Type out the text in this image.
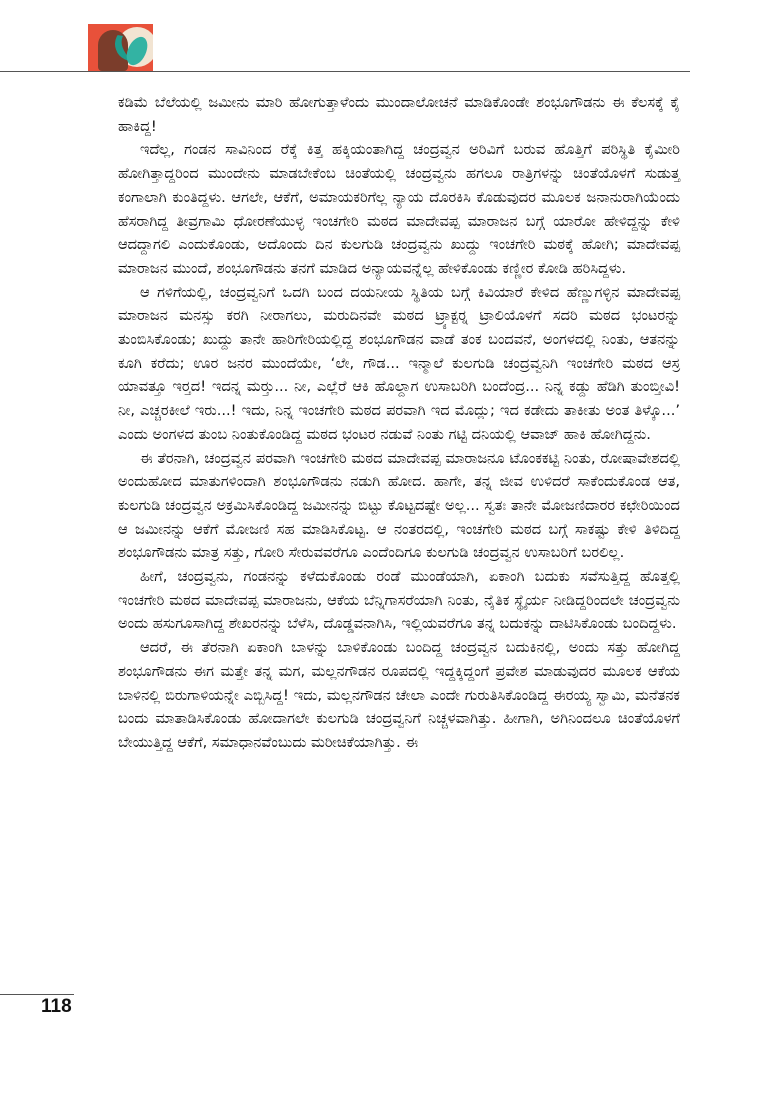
ಕಡಿಮೆ ಬೆಲೆಯಲ್ಲಿ ಜಮೀನು ಮಾರಿ ಹೋಗುತ್ತಾಳೆಂದು ಮುಂದಾಲೋಚನೆ ಮಾಡಿಕೊಂಡೇ ಶಂಭೂಗೌಡನು ಈ ಕೆಲಸಕ್ಕೆ ಕೈ ಹಾಕಿದ್ದ!

ಇದೆಲ್ಲ, ಗಂಡನ ಸಾವಿನಿಂದ ರೆಕ್ಕೆ ಕಿತ್ತ ಹಕ್ಕಿಯಂತಾಗಿದ್ದ ಚಂದ್ರವ್ವನ ಅರಿವಿಗೆ ಬರುವ ಹೊತ್ತಿಗೆ ಪರಿಸ್ಥಿತಿ ಕೈಮೀರಿ ಹೋಗಿತ್ತಾದ್ದರಿಂದ ಮುಂದೇನು ಮಾಡಬೇಕೆಂಬ ಚಿಂತೆಯಲ್ಲಿ ಚಂದ್ರವ್ವನು ಹಗಲೂ ರಾತ್ರಿಗಳನ್ನು ಚಿಂತೆಯೊಳಗೆ ಸುಡುತ್ತ ಕಂಗಾಲಾಗಿ ಕುಂತಿದ್ದಳು. ಆಗಲೇ, ಆಕೆಗೆ, ಅಮಾಯಕರಿಗೆಲ್ಲ ನ್ಯಾಯ ದೊರಕಿಸಿ ಕೊಡುವುದರ ಮೂಲಕ ಜನಾನುರಾಗಿಯೆಂದು ಹೆಸರಾಗಿದ್ದ ತೀವ್ರಗಾಮಿ ಧೋರಣೆಯುಳ್ಳ ಇಂಚಗೇರಿ ಮಠದ ಮಾದೇವಪ್ಪ ಮಾರಾಜನ ಬಗ್ಗೆ ಯಾರೋ ಹೇಳಿದ್ದನ್ನು ಕೇಳಿ ಆದದ್ದಾಗಲಿ ಎಂದುಕೊಂಡು, ಅದೊಂದು ದಿನ ಕುಲಗುಡಿ ಚಂದ್ರವ್ವನು ಖುದ್ದು ಇಂಚಗೇರಿ ಮಠಕ್ಕೆ ಹೋಗಿ; ಮಾದೇವಪ್ಪ ಮಾರಾಜನ ಮುಂದೆ, ಶಂಭೂಗೌಡನು ತನಗೆ ಮಾಡಿದ ಅನ್ಯಾಯವನ್ನೆಲ್ಲ ಹೇಳಿಕೊಂಡು ಕಣ್ಣೀರ ಕೋಡಿ ಹರಿಸಿದ್ದಳು.

ಆ ಗಳಿಗೆಯಲ್ಲಿ, ಚಂದ್ರವ್ವನಿಗೆ ಒದಗಿ ಬಂದ ದಯನೀಯ ಸ್ಥಿತಿಯ ಬಗ್ಗೆ ಕಿವಿಯಾರೆ ಕೇಳಿದ ಹೆಣ್ಣುಗಳ್ಳಿನ ಮಾದೇವಪ್ಪ ಮಾರಾಜನ ಮನಸ್ಸು ಕರಗಿ ನೀರಾಗಲು, ಮರುದಿನವೇ ಮಠದ ಟ್ರ್ಯಾಕ್ಟರ್‍ನ ಟ್ರಾಲಿಯೊಳಗೆ ಸದರಿ ಮಠದ ಭಂಟರನ್ನು ತುಂಬಿಸಿಕೊಂಡು; ಖುದ್ದು ತಾನೇ ಹಾರಿಗೇರಿಯಲ್ಲಿದ್ದ ಶಂಭೂಗೌಡನ ವಾಡೆ ತಂಕ ಬಂದವನೆ, ಅಂಗಳದಲ್ಲಿ ನಿಂತು, ಆತನನ್ನು ಕೂಗಿ ಕರೆದು; ಊರ ಜನರ ಮುಂದೆಯೇ, ‘ಲೇ, ಗೌಡ... ಇನ್ಮಾಲೆ ಕುಲಗುಡಿ ಚಂದ್ರವ್ವನಿಗಿ ಇಂಚಗೇರಿ ಮಠದ ಆಸ್ರ ಯಾವತ್ತೂ ಇರ್‍ತದ! ಇದನ್ನ ಮರ್‍ತು... ನೀ, ಎಲ್ಲೆರೆ ಆಕಿ ಹೊಲ್ದಾಗ ಉಸಾಬರಿಗಿ ಬಂದೆಂದ್ರ... ನಿನ್ನ ಕಡ್ದು ಹೆಡಿಗಿ ತುಂಬ್ತೀವಿ! ನೀ, ಎಚ್ಚರಕೀಲೆ ಇರು...! ಇದು, ನಿನ್ನ ಇಂಚಗೇರಿ ಮಠದ ಪರವಾಗಿ ಇದ ಮೊದ್ಲು; ಇದ ಕಡೇದು ತಾಕೀತು ಅಂತ ತಿಳ್ಕೊ...’ ಎಂದು ಅಂಗಳದ ತುಂಬ ನಿಂತುಕೊಂಡಿದ್ದ ಮಠದ ಭಂಟರ ನಡುವೆ ನಿಂತು ಗಟ್ಟಿ ದನಿಯಲ್ಲಿ ಆವಾಜ್ ಹಾಕಿ ಹೋಗಿದ್ದನು.

ಈ ತೆರನಾಗಿ, ಚಂದ್ರವ್ವನ ಪರವಾಗಿ ಇಂಚಗೇರಿ ಮಠದ ಮಾದೇವಪ್ಪ ಮಾರಾಜನೂ ಟೊಂಕಕಟ್ಟಿ ನಿಂತು, ರೋಷಾವೇಶದಲ್ಲಿ ಅಂದುಹೋದ ಮಾತುಗಳಿಂದಾಗಿ ಶಂಭೂಗೌಡನು ನಡುಗಿ ಹೋದ. ಹಾಗೇ, ತನ್ನ ಜೀವ ಉಳಿದರೆ ಸಾಕೆಂದುಕೊಂಡ ಆತ, ಕುಲಗುಡಿ ಚಂದ್ರವ್ವನ ಅಕ್ರಮಿಸಿಕೊಂಡಿದ್ದ ಜಮೀನನ್ನು ಬಿಟ್ಟು ಕೊಟ್ಟದಷ್ಟೇ ಅಲ್ಲ... ಸ್ವತಃ ತಾನೇ ಮೋಜಣಿದಾರರ ಕಛೇರಿಯಿಂದ ಆ ಜಮೀನನ್ನು ಆಕೆಗೆ ಮೋಜಣಿ ಸಹ ಮಾಡಿಸಿಕೊಟ್ಟ. ಆ ನಂತರದಲ್ಲಿ, ಇಂಚಗೇರಿ ಮಠದ ಬಗ್ಗೆ ಸಾಕಷ್ಟು ಕೇಳಿ ತಿಳಿದಿದ್ದ ಶಂಭೂಗೌಡನು ಮಾತ್ರ ಸತ್ತು, ಗೋರಿ ಸೇರುವವರೆಗೂ ಎಂದೆಂದಿಗೂ ಕುಲಗುಡಿ ಚಂದ್ರವ್ವನ ಉಸಾಬರಿಗೆ ಬರಲಿಲ್ಲ.

ಹೀಗೆ, ಚಂದ್ರವ್ವನು, ಗಂಡನನ್ನು ಕಳೆದುಕೊಂಡು ರಂಡೆ ಮುಂಡೆಯಾಗಿ, ಏಕಾಂಗಿ ಬದುಕು ಸವೆಸುತ್ತಿದ್ದ ಹೊತ್ತಲ್ಲಿ ಇಂಚಗೇರಿ ಮಠದ ಮಾದೇವಪ್ಪ ಮಾರಾಜನು, ಆಕೆಯ ಬೆನ್ನಿಗಾಸರೆಯಾಗಿ ನಿಂತು, ನೈತಿಕ ಸ್ಥೈರ್ಯ ನೀಡಿದ್ದರಿಂದಲೇ ಚಂದ್ರವ್ವನು ಅಂದು ಹಸುಗೂಸಾಗಿದ್ದ ಶೇಖರನನ್ನು ಬೆಳೆಸಿ, ದೊಡ್ಡವನಾಗಿಸಿ, ಇಲ್ಲಿಯವರೆಗೂ ತನ್ನ ಬದುಕನ್ನು ದಾಟಿಸಿಕೊಂಡು ಬಂದಿದ್ದಳು.

ಆದರೆ, ಈ ತೆರನಾಗಿ ಏಕಾಂಗಿ ಬಾಳನ್ನು ಬಾಳಿಕೊಂಡು ಬಂದಿದ್ದ ಚಂದ್ರವ್ವನ ಬದುಕಿನಲ್ಲಿ, ಅಂದು ಸತ್ತು ಹೋಗಿದ್ದ ಶಂಭೂಗೌಡನು ಈಗ ಮತ್ತೇ ತನ್ನ ಮಗ, ಮಲ್ಲನಗೌಡನ ರೂಪದಲ್ಲಿ ಇದ್ದಕ್ಕಿದ್ದಂಗೆ ಪ್ರವೇಶ ಮಾಡುವುದರ ಮೂಲಕ ಆಕೆಯ ಬಾಳಿನಲ್ಲಿ ಬಿರುಗಾಳಿಯನ್ನೇ ಎಬ್ಬಿಸಿದ್ದ! ಇದು, ಮಲ್ಲನಗೌಡನ ಚೇಲಾ ಎಂದೇ ಗುರುತಿಸಿಕೊಂಡಿದ್ದ ಈರಯ್ಯ ಸ್ವಾಮಿ, ಮನೆತನಕ ಬಂದು ಮಾತಾಡಿಸಿಕೊಂಡು ಹೋದಾಗಲೇ ಕುಲಗುಡಿ ಚಂದ್ರವ್ವನಿಗೆ ನಿಚ್ಚಳವಾಗಿತ್ತು. ಹೀಗಾಗಿ, ಅಗಿನಿಂದಲೂ ಚಿಂತೆಯೊಳಗೆ ಬೇಯುತ್ತಿದ್ದ ಆಕೆಗೆ, ಸಮಾಧಾನವೆಂಬುದು ಮರೀಚಿಕೆಯಾಗಿತ್ತು. ಈ

118
